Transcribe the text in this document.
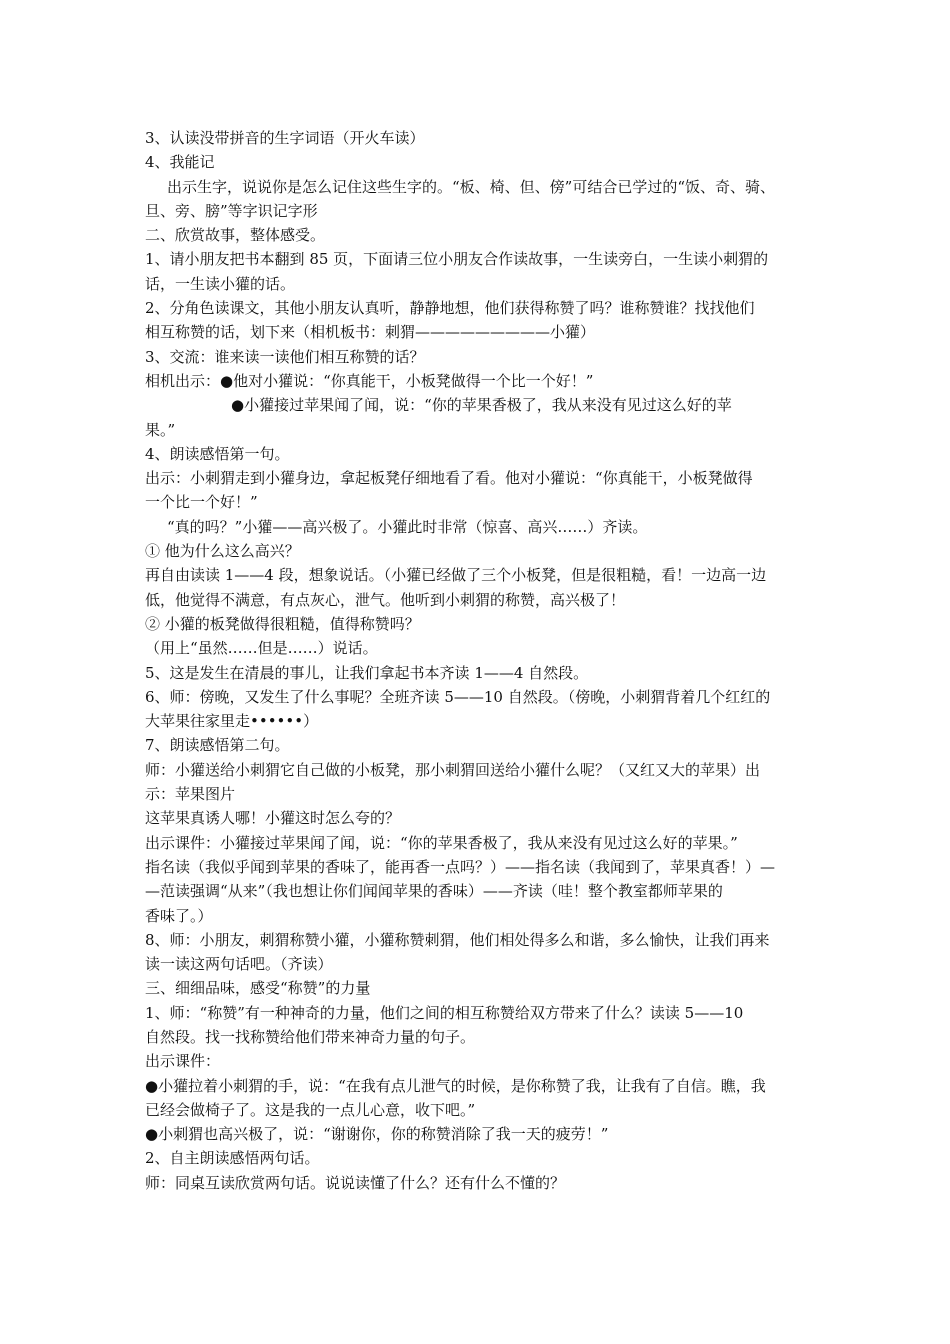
3、认读没带拼音的生字词语（开火车读）
4、我能记
出示生字，说说你是怎么记住这些生字的。“板、椅、但、傍”可结合已学过的“饭、奇、骑、
旦、旁、膀”等字识记字形
二、欣赏故事，整体感受。
1、请小朋友把书本翻到 85 页，下面请三位小朋友合作读故事，一生读旁白，一生读小刺猬的
话，一生读小獾的话。
2、分角色读课文，其他小朋友认真听，静静地想，他们获得称赞了吗？谁称赞谁？找找他们
相互称赞的话，划下来（相机板书：刺猬—————————小獾）
3、交流：谁来读一读他们相互称赞的话？
相机出示：●他对小獾说：“你真能干，小板凳做得一个比一个好！”
●小獾接过苹果闻了闻，说：“你的苹果香极了，我从来没有见过这么好的苹
果。”
4、朗读感悟第一句。
出示：小刺猬走到小獾身边，拿起板凳仔细地看了看。他对小獾说：“你真能干，小板凳做得
一个比一个好！”
“真的吗？”小獾——高兴极了。小獾此时非常（惊喜、高兴……）齐读。
① 他为什么这么高兴？
再自由读读 1——4 段，想象说话。（小獾已经做了三个小板凳，但是很粗糙，看！一边高一边
低，他觉得不满意，有点灰心，泄气。他听到小刺猬的称赞，高兴极了！
② 小獾的板凳做得很粗糙，值得称赞吗？
（用上“虽然……但是……）说话。
5、这是发生在清晨的事儿，让我们拿起书本齐读 1——4 自然段。
6、师：傍晚，又发生了什么事呢？全班齐读 5——10 自然段。（傍晚，小刺猬背着几个红红的
大苹果往家里走••••••）
7、朗读感悟第二句。
师：小獾送给小刺猬它自己做的小板凳，那小刺猬回送给小獾什么呢？（又红又大的苹果）出
示：苹果图片
这苹果真诱人哪！小獾这时怎么夸的？
出示课件：小獾接过苹果闻了闻，说：“你的苹果香极了，我从来没有见过这么好的苹果。”
指名读（我似乎闻到苹果的香味了，能再香一点吗？）——指名读（我闻到了，苹果真香！）—
—范读强调“从来”（我也想让你们闻闻苹果的香味）——齐读（哇！整个教室都师苹果的
香味了。）
8、师：小朋友，刺猬称赞小獾，小獾称赞刺猬，他们相处得多么和谐，多么愉快，让我们再来
读一读这两句话吧。（齐读）
三、细细品味，感受“称赞”的力量
1、师：“称赞”有一种神奇的力量，他们之间的相互称赞给双方带来了什么？读读 5——10
自然段。找一找称赞给他们带来神奇力量的句子。
出示课件：
●小獾拉着小刺猬的手，说：“在我有点儿泄气的时候，是你称赞了我，让我有了自信。瞧，我
已经会做椅子了。这是我的一点儿心意，收下吧。”
●小刺猬也高兴极了，说：“谢谢你，你的称赞消除了我一天的疲劳！”
2、自主朗读感悟两句话。
师：同桌互读欣赏两句话。说说读懂了什么？还有什么不懂的？
